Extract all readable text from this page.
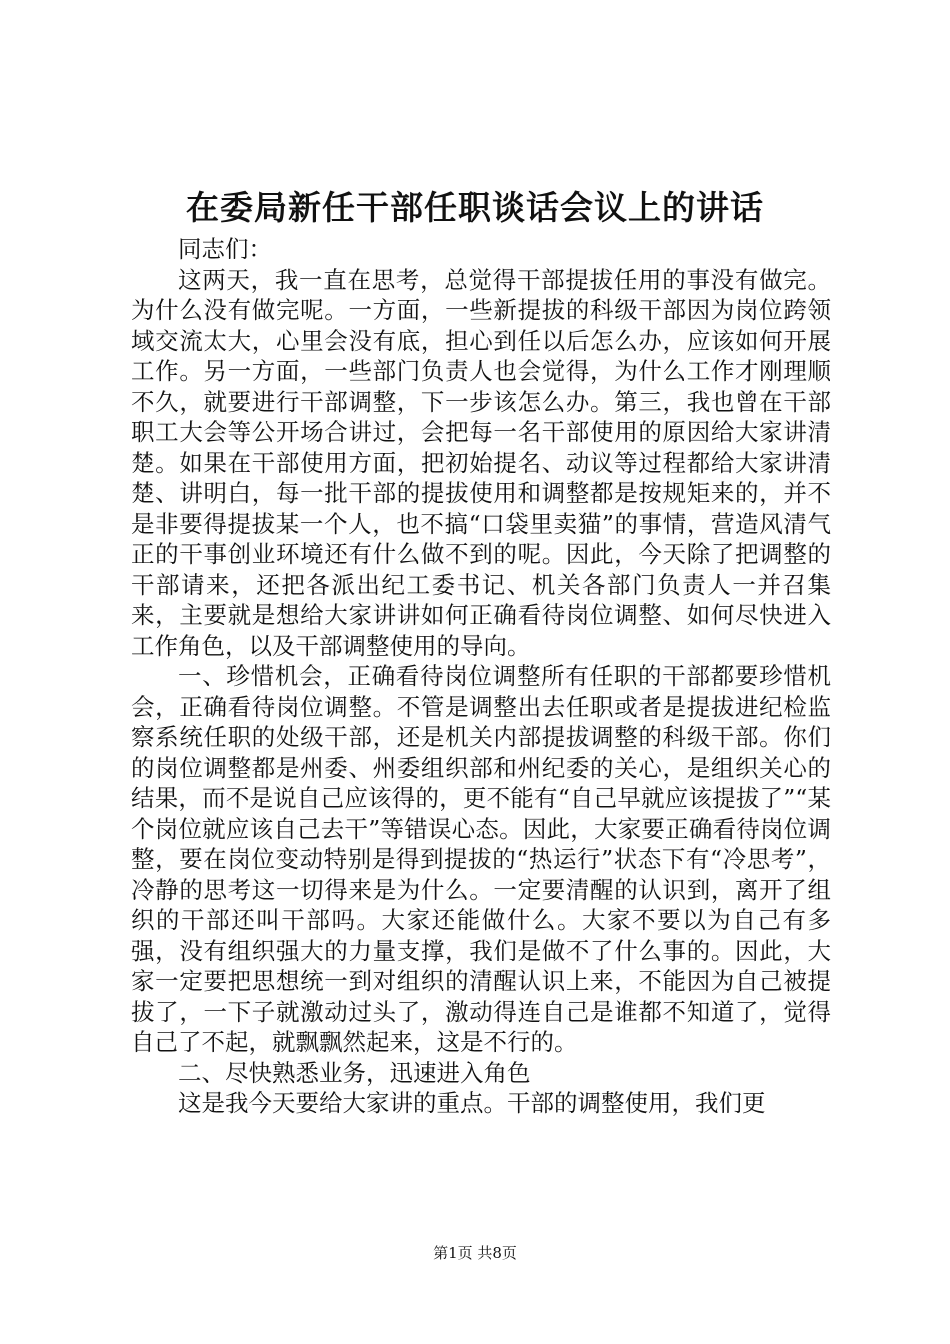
在委局新任干部任职谈话会议上的讲话

同志们：

这两天，我一直在思考，总觉得干部提拔任用的事没有做完。为什么没有做完呢。一方面，一些新提拔的科级干部因为岗位跨领域交流太大，心里会没有底，担心到任以后怎么办，应该如何开展工作。另一方面，一些部门负责人也会觉得，为什么工作才刚理顺不久，就要进行干部调整，下一步该怎么办。第三，我也曾在干部职工大会等公开场合讲过，会把每一名干部使用的原因给大家讲清楚。如果在干部使用方面，把初始提名、动议等过程都给大家讲清楚、讲明白，每一批干部的提拔使用和调整都是按规矩来的，并不是非要得提拔某一个人，也不搞“口袋里卖猫”的事情，营造风清气正的干事创业环境还有什么做不到的呢。因此，今天除了把调整的干部请来，还把各派出纪工委书记、机关各部门负责人一并召集来，主要就是想给大家讲讲如何正确看待岗位调整、如何尽快进入工作角色，以及干部调整使用的导向。

一、珍惜机会，正确看待岗位调整所有任职的干部都要珍惜机会，正确看待岗位调整。不管是调整出去任职或者是提拔进纪检监察系统任职的处级干部，还是机关内部提拔调整的科级干部。你们的岗位调整都是州委、州委组织部和州纪委的关心，是组织关心的结果，而不是说自己应该得的，更不能有“自己早就应该提拔了”“某个岗位就应该自己去干”等错误心态。因此，大家要正确看待岗位调整，要在岗位变动特别是得到提拔的“热运行”状态下有“冷思考”，冷静的思考这一切得来是为什么。一定要清醒的认识到，离开了组织的干部还叫干部吗。大家还能做什么。大家不要以为自己有多强，没有组织强大的力量支撑，我们是做不了什么事的。因此，大家一定要把思想统一到对组织的清醒认识上来，不能因为自己被提拔了，一下子就激动过头了，激动得连自己是谁都不知道了，觉得自己了不起，就飘飘然起来，这是不行的。

二、尽快熟悉业务，迅速进入角色

这是我今天要给大家讲的重点。干部的调整使用，我们更

第1页 共8页
